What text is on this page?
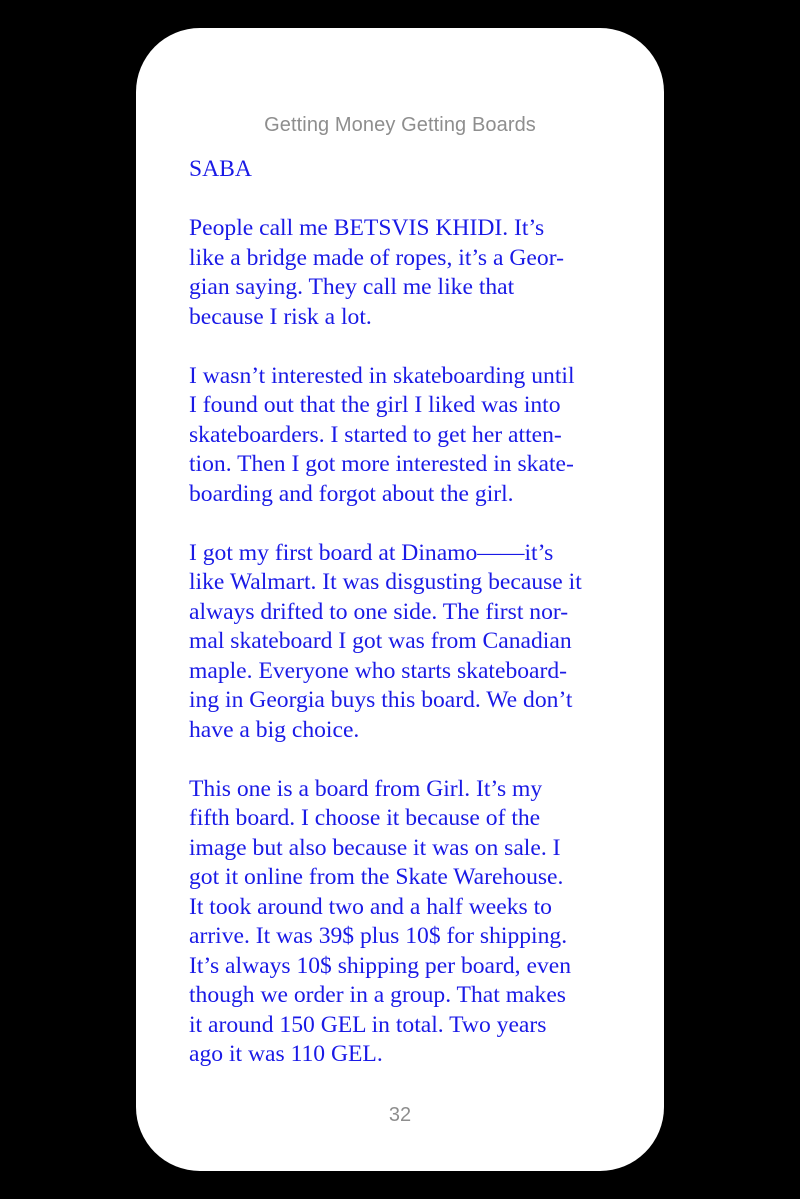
Getting Money Getting Boards

SABA

People call me BETSVIS KHIDI. It’s
like a bridge made of ropes, it’s a Geor-
gian saying. They call me like that
because I risk a lot.

I wasn’t interested in skateboarding until
I found out that the girl I liked was into
skateboarders. I started to get her atten-
tion. Then I got more interested in skate-
boarding and forgot about the girl.

I got my first board at Dinamo——it’s
like Walmart. It was disgusting because it
always drifted to one side. The first nor-
mal skateboard I got was from Canadian
maple. Everyone who starts skateboard-
ing in Georgia buys this board. We don’t
have a big choice.

This one is a board from Girl. It’s my
fifth board. I choose it because of the
image but also because it was on sale. I
got it online from the Skate Warehouse.
It took around two and a half weeks to
arrive. It was 39$ plus 10$ for shipping.
It’s always 10$ shipping per board, even
though we order in a group. That makes
it around 150 GEL in total. Two years
ago it was 110 GEL.

32
